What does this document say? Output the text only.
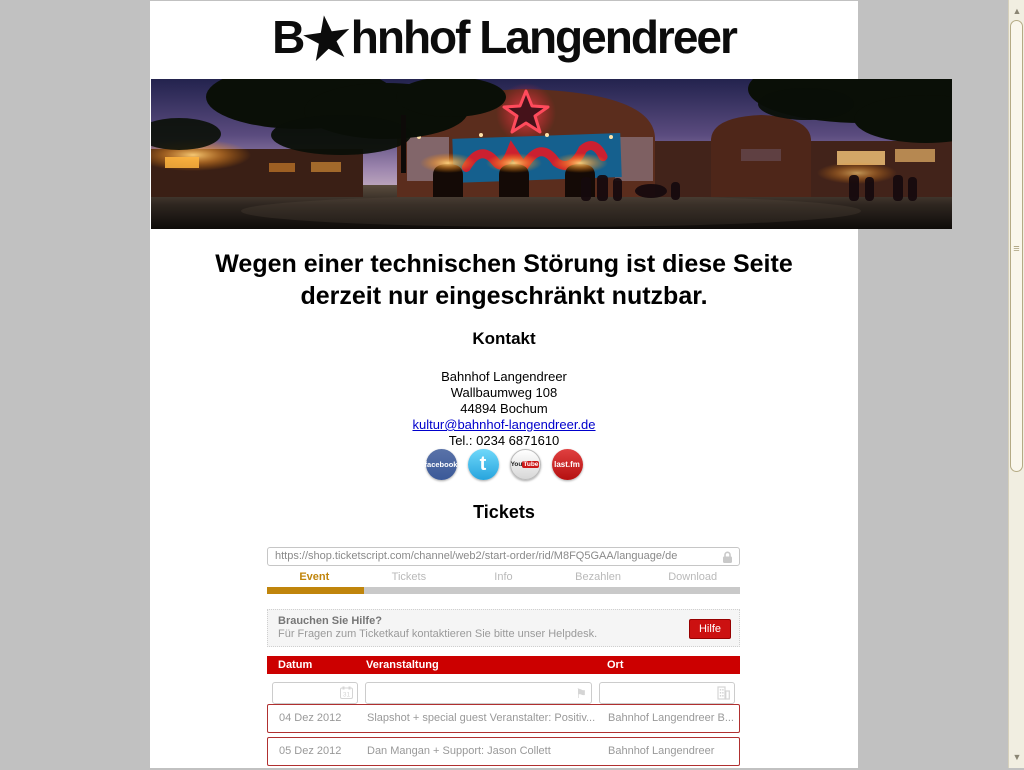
B★hnhof Langendreer
Wegen einer technischen Störung ist diese Seite
derzeit nur eingeschränkt nutzbar.
Kontakt
Bahnhof Langendreer
Wallbaumweg 108
44894 Bochum
kultur@bahnhof-langendreer.de
Tel.: 0234 6871610
facebook t	You Tube last.fm
Tickets
https://shop.ticketscript.com/channel/web2/start-order/rid/M8FQ5GAA/language/de
Event	Tickets	Info	Bezahlen	Download
Brauchen Sie Hilfe?
Für Fragen zum Ticketkauf kontaktieren Sie bitte unser Helpdesk.	Hilfe
Datum	Veranstaltung	Ort
31	⚑
04 Dez 2012	Slapshot + special guest Veranstalter: Positiv...	Bahnhof Langendreer B...
05 Dez 2012	Dan Mangan + Support: Jason Collett	Bahnhof Langendreer
▲
≡
▼
